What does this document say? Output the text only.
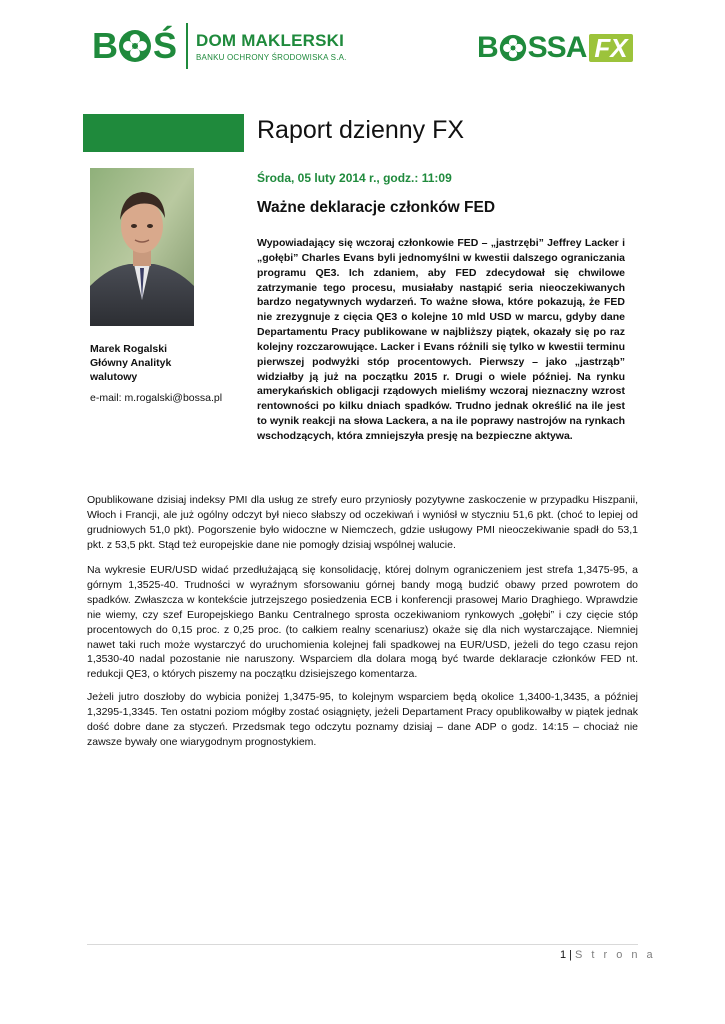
B Ś DOM MAKLERSKI
BANKU OCHRONY ŚRODOWISKA S.A.	B SSA FX
Raport dzienny FX
Środa, 05 luty 2014 r., godz.: 11:09
Ważne deklaracje członków FED
Marek Rogalski
Główny Analityk walutowy
e-mail: m.rogalski@bossa.pl
Wypowiadający się wczoraj członkowie FED – „jastrzębi” Jeffrey Lacker i „gołębi” Charles Evans byli jednomyślni w kwestii dalszego ograniczania programu QE3. Ich zdaniem, aby FED zdecydował się chwilowe zatrzymanie tego procesu, musiałaby nastąpić seria nieoczekiwanych bardzo negatywnych wydarzeń. To ważne słowa, które pokazują, że FED nie zrezygnuje z cięcia QE3 o kolejne 10 mld USD w marcu, gdyby dane Departamentu Pracy publikowane w najbliższy piątek, okazały się po raz kolejny rozczarowujące. Lacker i Evans różnili się tylko w kwestii terminu pierwszej podwyżki stóp procentowych. Pierwszy – jako „jastrząb” widziałby ją już na początku 2015 r. Drugi o wiele później. Na rynku amerykańskich obligacji rządowych mieliśmy wczoraj nieznaczny wzrost rentowności po kilku dniach spadków. Trudno jednak określić na ile jest to wynik reakcji na słowa Lackera, a na ile poprawy nastrojów na rynkach wschodzących, która zmniejszyła presję na bezpieczne aktywa.
Opublikowane dzisiaj indeksy PMI dla usług ze strefy euro przyniosły pozytywne zaskoczenie w przypadku Hiszpanii, Włoch i Francji, ale już ogólny odczyt był nieco słabszy od oczekiwań i wyniósł w styczniu 51,6 pkt. (choć to lepiej od grudniowych 51,0 pkt). Pogorszenie było widoczne w Niemczech, gdzie usługowy PMI nieoczekiwanie spadł do 53,1 pkt. z 53,5 pkt. Stąd też europejskie dane nie pomogły dzisiaj wspólnej walucie.
Na wykresie EUR/USD widać przedłużającą się konsolidację, której dolnym ograniczeniem jest strefa 1,3475-95, a górnym 1,3525-40. Trudności w wyraźnym sforsowaniu górnej bandy mogą budzić obawy przed powrotem do spadków. Zwłaszcza w kontekście jutrzejszego posiedzenia ECB i konferencji prasowej Mario Draghiego. Wprawdzie nie wiemy, czy szef Europejskiego Banku Centralnego sprosta oczekiwaniom rynkowych „gołębi” i czy cięcie stóp procentowych do 0,15 proc. z 0,25 proc. (to całkiem realny scenariusz) okaże się dla nich wystarczające. Niemniej nawet taki ruch może wystarczyć do uruchomienia kolejnej fali spadkowej na EUR/USD, jeżeli do tego czasu rejon 1,3530-40 nadal pozostanie nie naruszony. Wsparciem dla dolara mogą być twarde deklaracje członków FED nt. redukcji QE3, o których piszemy na początku dzisiejszego komentarza.
Jeżeli jutro doszłoby do wybicia poniżej 1,3475-95, to kolejnym wsparciem będą okolice 1,3400-1,3435, a później 1,3295-1,3345. Ten ostatni poziom mógłby zostać osiągnięty, jeżeli Departament Pracy opublikowałby w piątek jednak dość dobre dane za styczeń. Przedsmak tego odczytu poznamy dzisiaj – dane ADP o godz. 14:15 – chociaż nie zawsze bywały one wiarygodnym prognostykiem.
1 | S t r o n a
